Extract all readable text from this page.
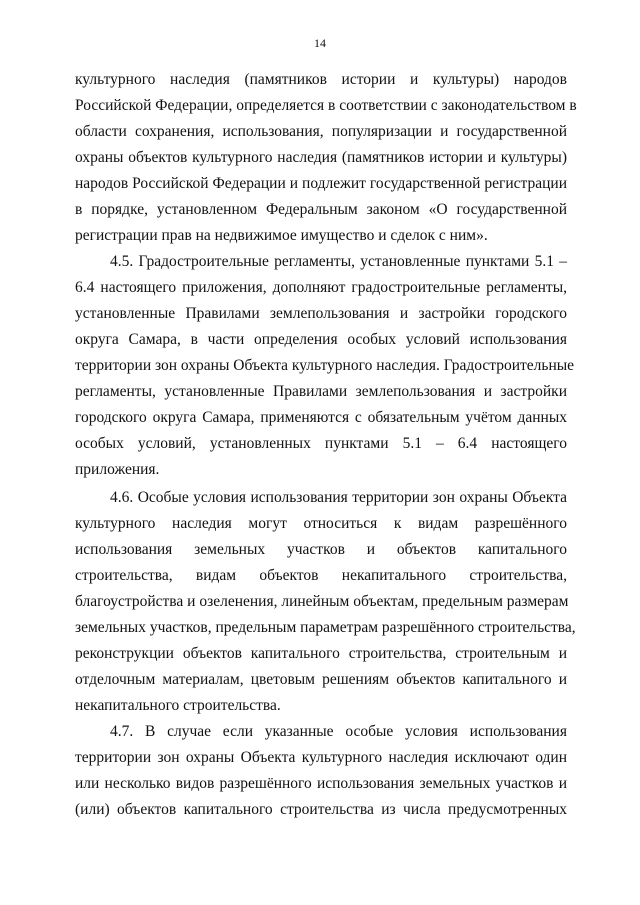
14
культурного наследия (памятников истории и культуры) народов
Российской Федерации, определяется в соответствии с законодательством в
области сохранения, использования, популяризации и государственной
охраны объектов культурного наследия (памятников истории и культуры)
народов Российской Федерации и подлежит государственной регистрации
в порядке, установленном Федеральным законом «О государственной
регистрации прав на недвижимое имущество и сделок с ним».
4.5. Градостроительные регламенты, установленные пунктами 5.1 –
6.4 настоящего приложения, дополняют градостроительные регламенты,
установленные Правилами землепользования и застройки городского
округа Самара, в части определения особых условий использования
территории зон охраны Объекта культурного наследия. Градостроительные
регламенты, установленные Правилами землепользования и застройки
городского округа Самара, применяются с обязательным учётом данных
особых условий, установленных пунктами 5.1 – 6.4 настоящего
приложения.
4.6. Особые условия использования территории зон охраны Объекта
культурного наследия могут относиться к видам разрешённого
использования земельных участков и объектов капитального
строительства, видам объектов некапитального строительства,
благоустройства и озеленения, линейным объектам, предельным размерам
земельных участков, предельным параметрам разрешённого строительства,
реконструкции объектов капитального строительства, строительным и
отделочным материалам, цветовым решениям объектов капитального и
некапитального строительства.
4.7. В случае если указанные особые условия использования
территории зон охраны Объекта культурного наследия исключают один
или несколько видов разрешённого использования земельных участков и
(или) объектов капитального строительства из числа предусмотренных
